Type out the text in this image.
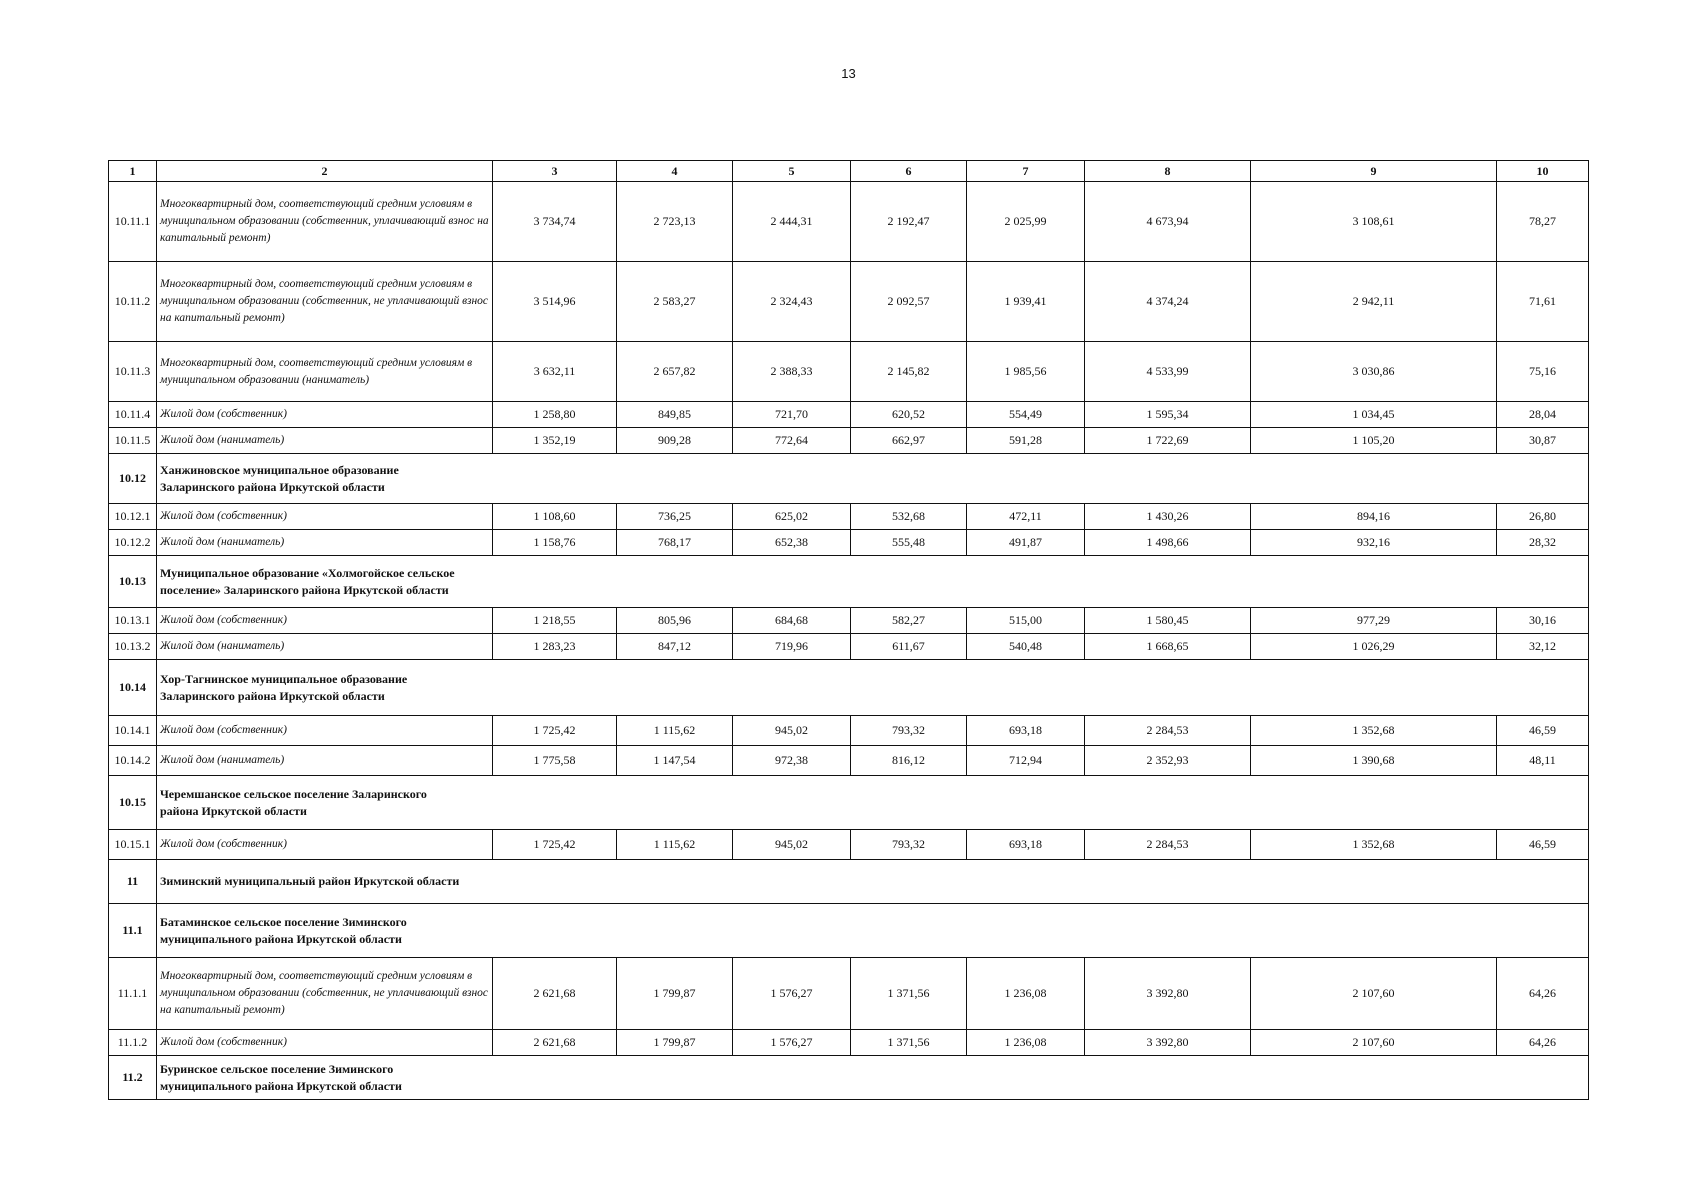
13
1	2	3	4	5	6	7	8	9	10
10.11.1	Многоквартирный дом, соответствующий средним условиям в муниципальном образовании (собственник, уплачивающий взнос на капитальный ремонт)	3 734,74	2 723,13	2 444,31	2 192,47	2 025,99	4 673,94	3 108,61	78,27
10.11.2	Многоквартирный дом, соответствующий средним условиям в муниципальном образовании (собственник, не уплачивающий взнос на капитальный ремонт)	3 514,96	2 583,27	2 324,43	2 092,57	1 939,41	4 374,24	2 942,11	71,61
10.11.3	Многоквартирный дом, соответствующий средним условиям в муниципальном образовании (наниматель)	3 632,11	2 657,82	2 388,33	2 145,82	1 985,56	4 533,99	3 030,86	75,16
10.11.4	Жилой дом (собственник)	1 258,80	849,85	721,70	620,52	554,49	1 595,34	1 034,45	28,04
10.11.5	Жилой дом (наниматель)	1 352,19	909,28	772,64	662,97	591,28	1 722,69	1 105,20	30,87
10.12	Ханжиновское муниципальное образование Заларинского района Иркутской области								
10.12.1	Жилой дом (собственник)	1 108,60	736,25	625,02	532,68	472,11	1 430,26	894,16	26,80
10.12.2	Жилой дом (наниматель)	1 158,76	768,17	652,38	555,48	491,87	1 498,66	932,16	28,32
10.13	Муниципальное образование «Холмогойское сельское поселение» Заларинского района Иркутской области								
10.13.1	Жилой дом (собственник)	1 218,55	805,96	684,68	582,27	515,00	1 580,45	977,29	30,16
10.13.2	Жилой дом (наниматель)	1 283,23	847,12	719,96	611,67	540,48	1 668,65	1 026,29	32,12
10.14	Хор-Тагнинское муниципальное образование Заларинского района Иркутской области								
10.14.1	Жилой дом (собственник)	1 725,42	1 115,62	945,02	793,32	693,18	2 284,53	1 352,68	46,59
10.14.2	Жилой дом (наниматель)	1 775,58	1 147,54	972,38	816,12	712,94	2 352,93	1 390,68	48,11
10.15	Черемшанское сельское поселение Заларинского района Иркутской области								
10.15.1	Жилой дом (собственник)	1 725,42	1 115,62	945,02	793,32	693,18	2 284,53	1 352,68	46,59
11	Зиминский муниципальный район Иркутской области								
11.1	Батаминское сельское поселение Зиминского муниципального района Иркутской области								
11.1.1	Многоквартирный дом, соответствующий средним условиям в муниципальном образовании (собственник, не уплачивающий взнос на капитальный ремонт)	2 621,68	1 799,87	1 576,27	1 371,56	1 236,08	3 392,80	2 107,60	64,26
11.1.2	Жилой дом (собственник)	2 621,68	1 799,87	1 576,27	1 371,56	1 236,08	3 392,80	2 107,60	64,26
11.2	Буринское сельское поселение Зиминского муниципального района Иркутской области								
